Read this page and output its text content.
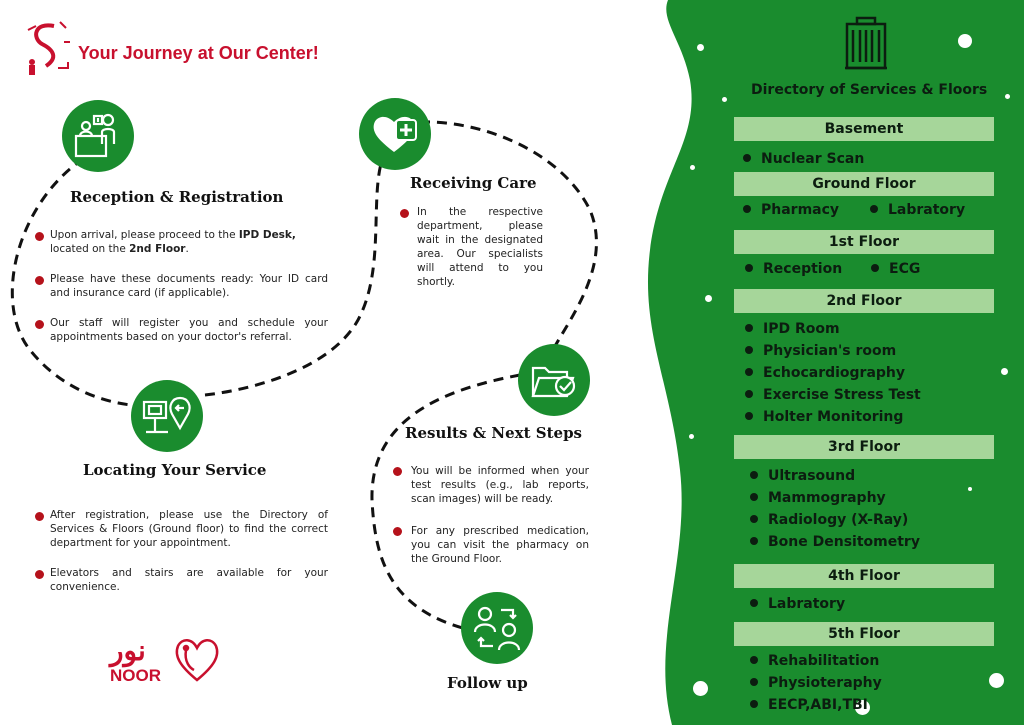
Your Journey at Our Center!
Reception & Registration
Upon arrival, please proceed to the IPD Desk,
located on the 2nd Floor.
Please have these documents ready: Your ID card and insurance card (if applicable).
Our staff will register you and schedule your appointments based on your doctor's referral.
Locating Your Service
After registration, please use the Directory of Services & Floors (Ground floor) to find the correct department for your appointment.
Elevators and stairs are available for your convenience.
Receiving Care
In the respective department, please wait in the designated area. Our specialists will attend to you shortly.
Results & Next Steps
You will be informed when your test results (e.g., lab reports, scan images) will be ready.
For any prescribed medication, you can visit the pharmacy on the Ground Floor.
Follow up
نور
NOOR
Directory of Services & Floors
Basement
Nuclear Scan
Ground Floor
Pharmacy	Labratory
1st Floor
Reception	ECG
2nd Floor
IPD Room
Physician's room
Echocardiography
Exercise Stress Test
Holter Monitoring
3rd Floor
Ultrasound
Mammography
Radiology (X-Ray)
Bone Densitometry
4th Floor
Labratory
5th Floor
Rehabilitation
Physioteraphy
EECP,ABI,TBI
